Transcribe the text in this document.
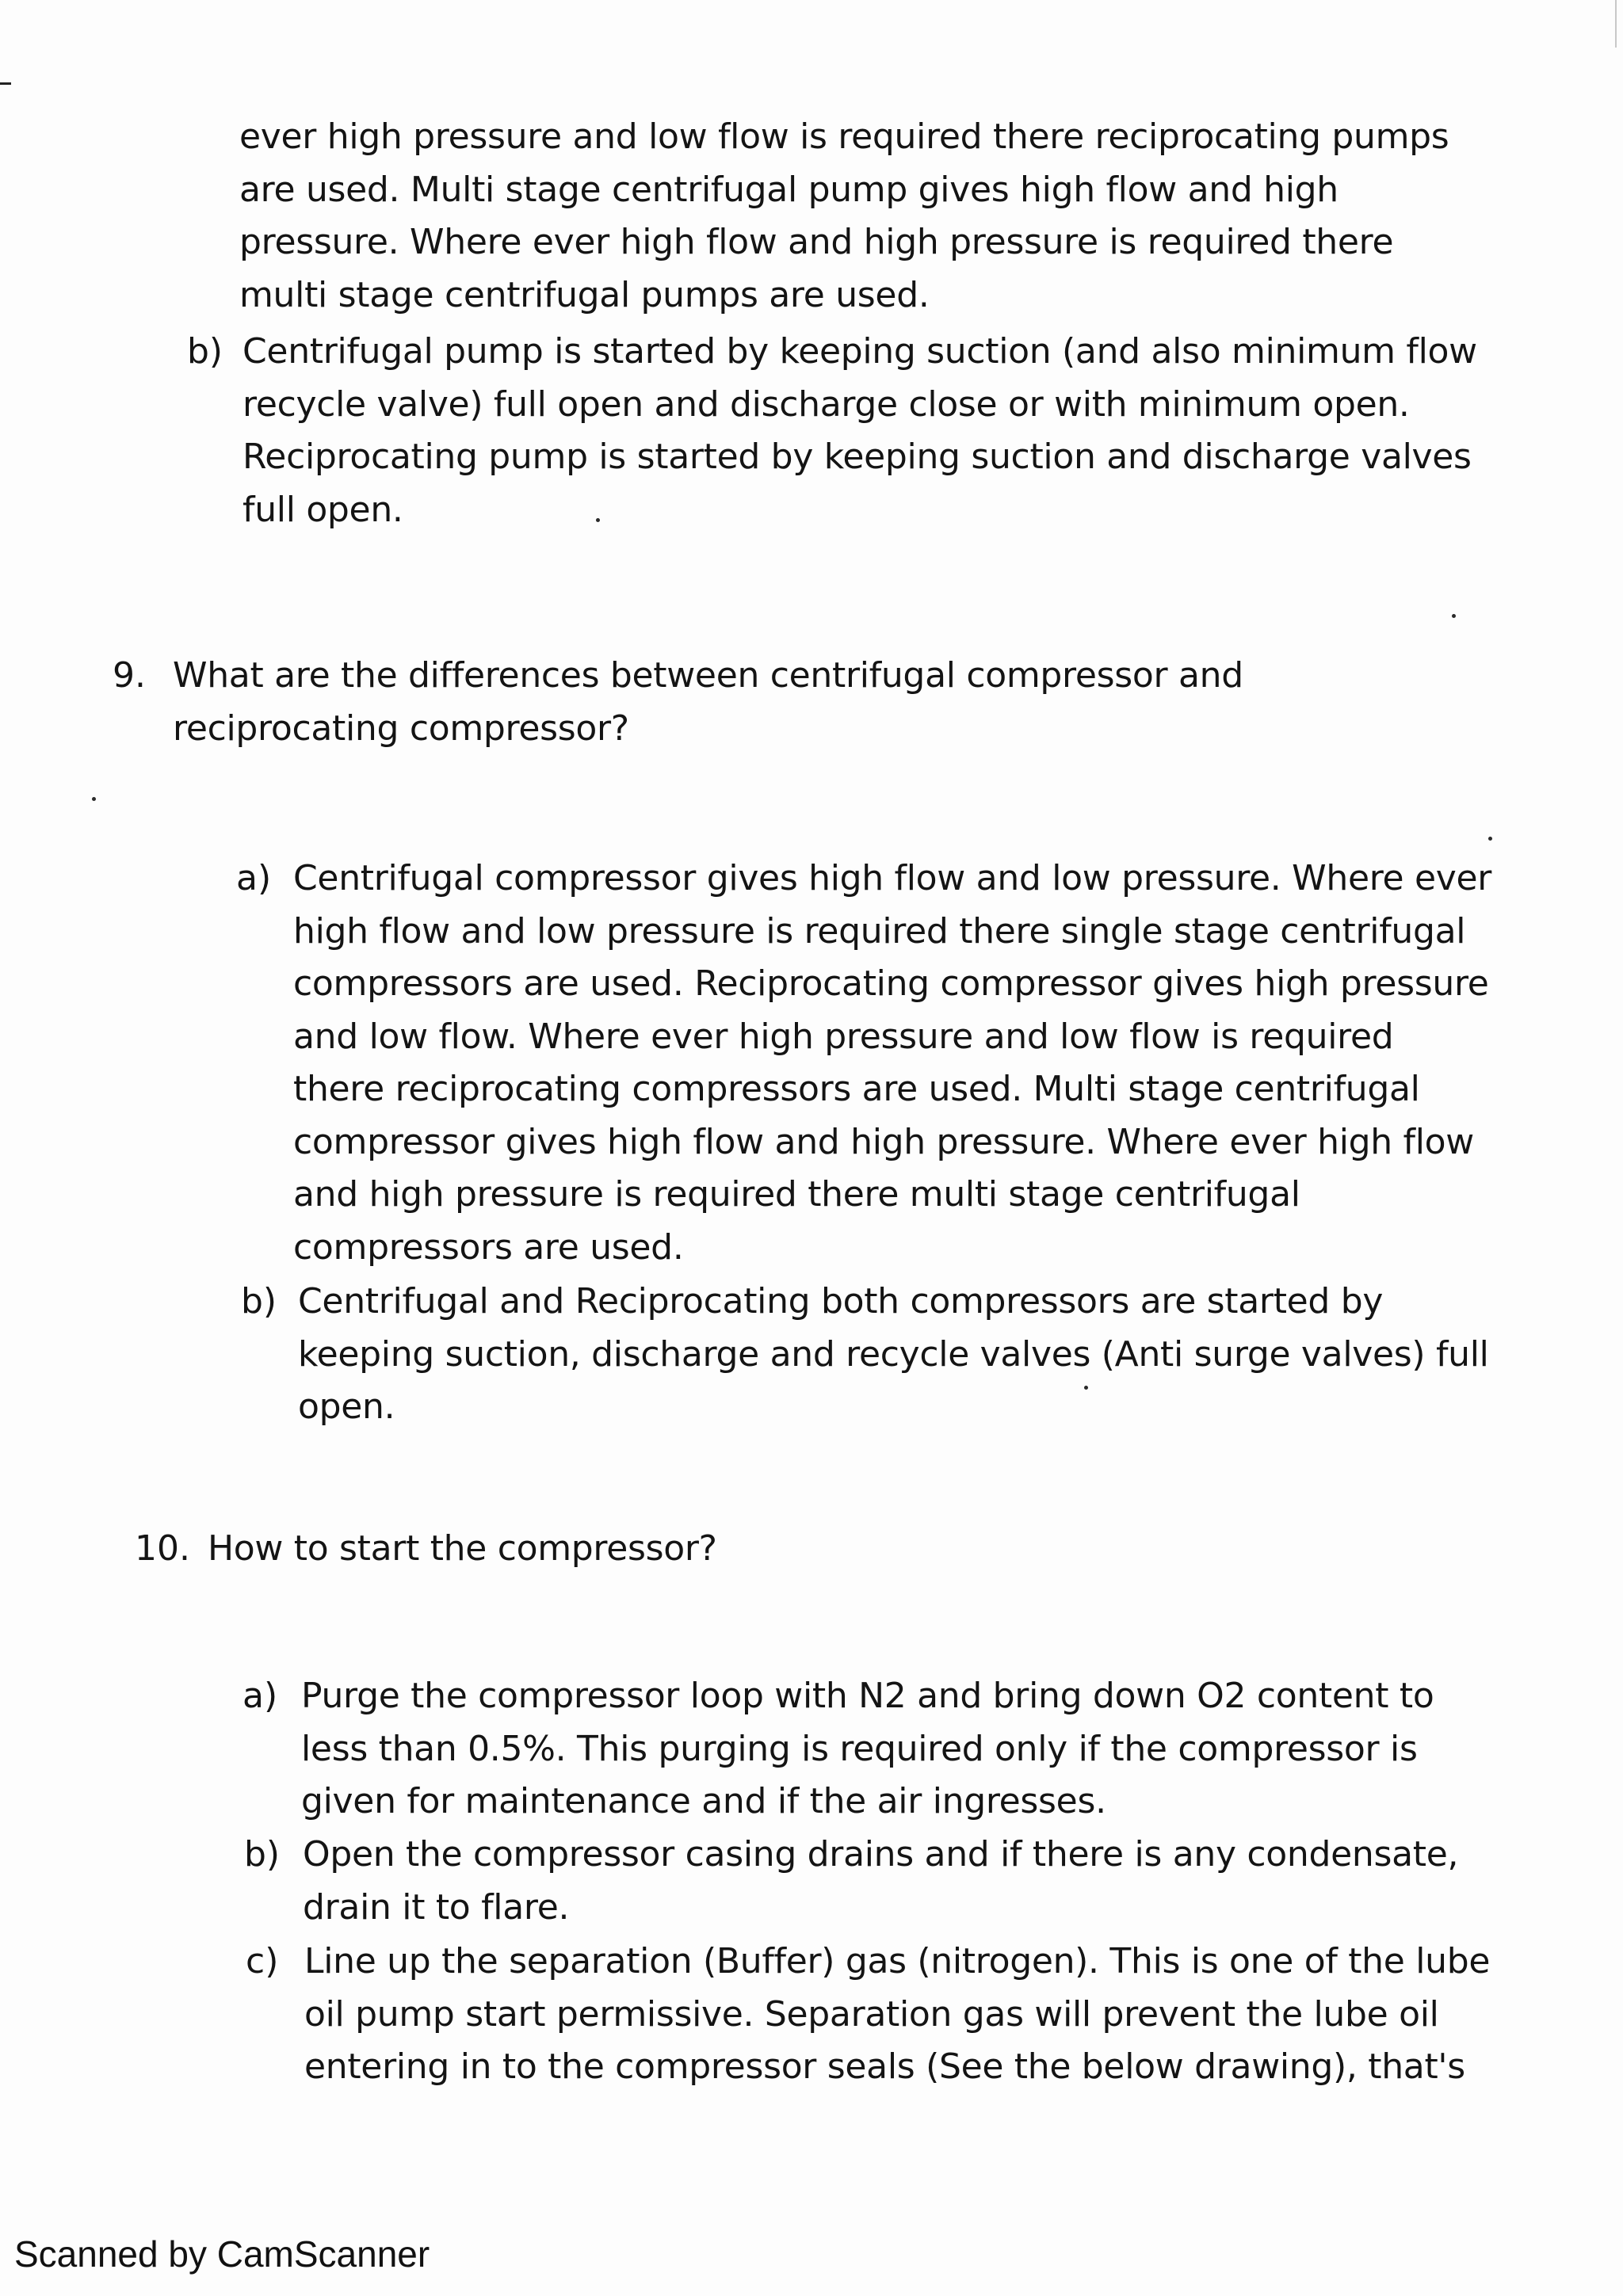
ever high pressure and low flow is required there reciprocating pumps
are used. Multi stage centrifugal pump gives high flow and high
pressure. Where ever high flow and high pressure is required there
multi stage centrifugal pumps are used.
b) Centrifugal pump is started by keeping suction (and also minimum flow
recycle valve) full open and discharge close or with minimum open.
Reciprocating pump is started by keeping suction and discharge valves
full open.
9. What are the differences between centrifugal compressor and
reciprocating compressor?
a) Centrifugal compressor gives high flow and low pressure. Where ever
high flow and low pressure is required there single stage centrifugal
compressors are used. Reciprocating compressor gives high pressure
and low flow. Where ever high pressure and low flow is required
there reciprocating compressors are used. Multi stage centrifugal
compressor gives high flow and high pressure. Where ever high flow
and high pressure is required there multi stage centrifugal
compressors are used.
b) Centrifugal and Reciprocating both compressors are started by
keeping suction, discharge and recycle valves (Anti surge valves) full
open.
10. How to start the compressor?
a) Purge the compressor loop with N2 and bring down O2 content to
less than 0.5%. This purging is required only if the compressor is
given for maintenance and if the air ingresses.
b) Open the compressor casing drains and if there is any condensate,
drain it to flare.
c) Line up the separation (Buffer) gas (nitrogen). This is one of the lube
oil pump start permissive. Separation gas will prevent the lube oil
entering in to the compressor seals (See the below drawing), that's
Scanned by CamScanner
